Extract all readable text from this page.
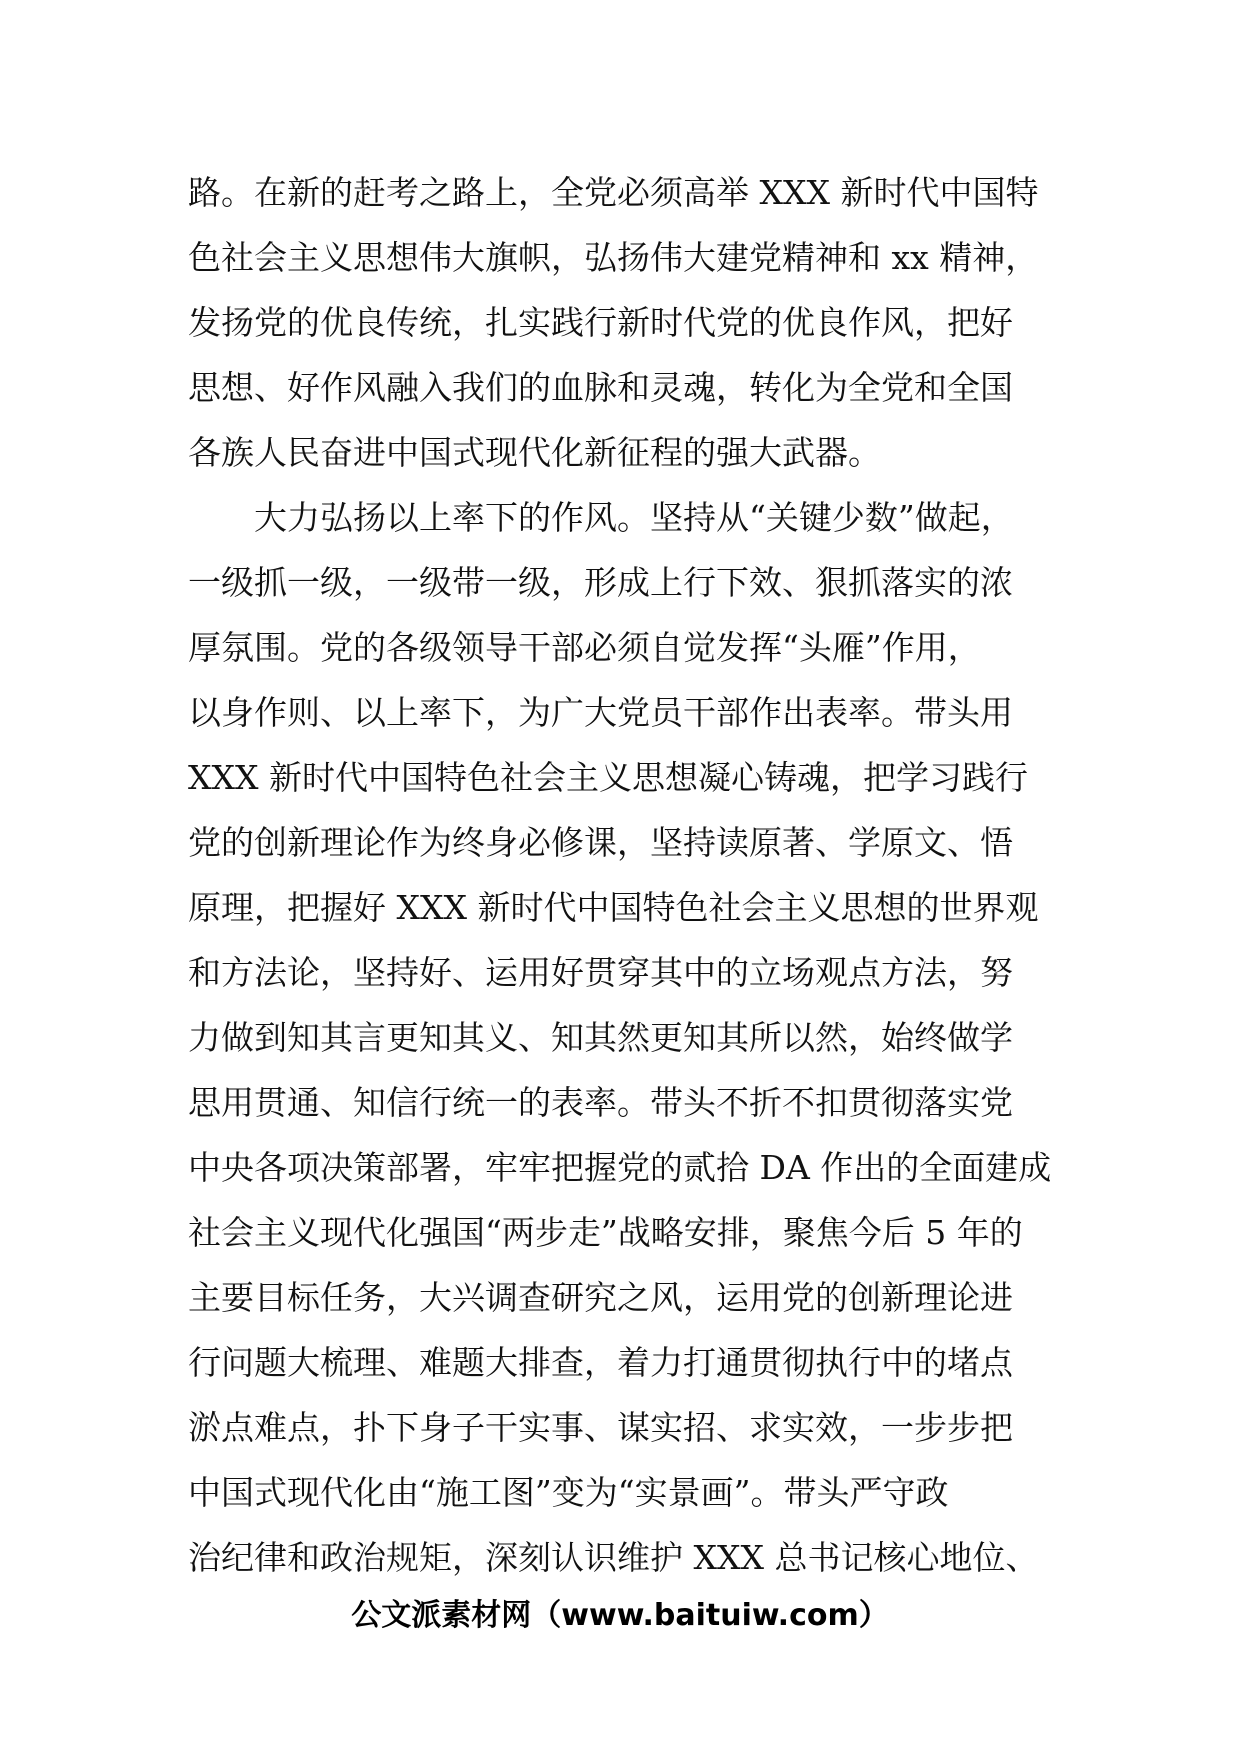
路。在新的赶考之路上，全党必须高举 XXX 新时代中国特
色社会主义思想伟大旗帜，弘扬伟大建党精神和 xx 精神，
发扬党的优良传统，扎实践行新时代党的优良作风，把好
思想、好作风融入我们的血脉和灵魂，转化为全党和全国
各族人民奋进中国式现代化新征程的强大武器。
大力弘扬以上率下的作风。坚持从“关键少数”做起，
一级抓一级，一级带一级，形成上行下效、狠抓落实的浓
厚氛围。党的各级领导干部必须自觉发挥“头雁”作用，
以身作则、以上率下，为广大党员干部作出表率。带头用
XXX 新时代中国特色社会主义思想凝心铸魂，把学习践行
党的创新理论作为终身必修课，坚持读原著、学原文、悟
原理，把握好 XXX 新时代中国特色社会主义思想的世界观
和方法论，坚持好、运用好贯穿其中的立场观点方法，努
力做到知其言更知其义、知其然更知其所以然，始终做学
思用贯通、知信行统一的表率。带头不折不扣贯彻落实党
中央各项决策部署，牢牢把握党的贰拾 DA 作出的全面建成
社会主义现代化强国“两步走”战略安排，聚焦今后 5 年的
主要目标任务，大兴调查研究之风，运用党的创新理论进
行问题大梳理、难题大排查，着力打通贯彻执行中的堵点
淤点难点，扑下身子干实事、谋实招、求实效，一步步把
中国式现代化由“施工图”变为“实景画”。带头严守政
治纪律和政治规矩，深刻认识维护 XXX 总书记核心地位、
公文派素材网（www.baituiw.com）
